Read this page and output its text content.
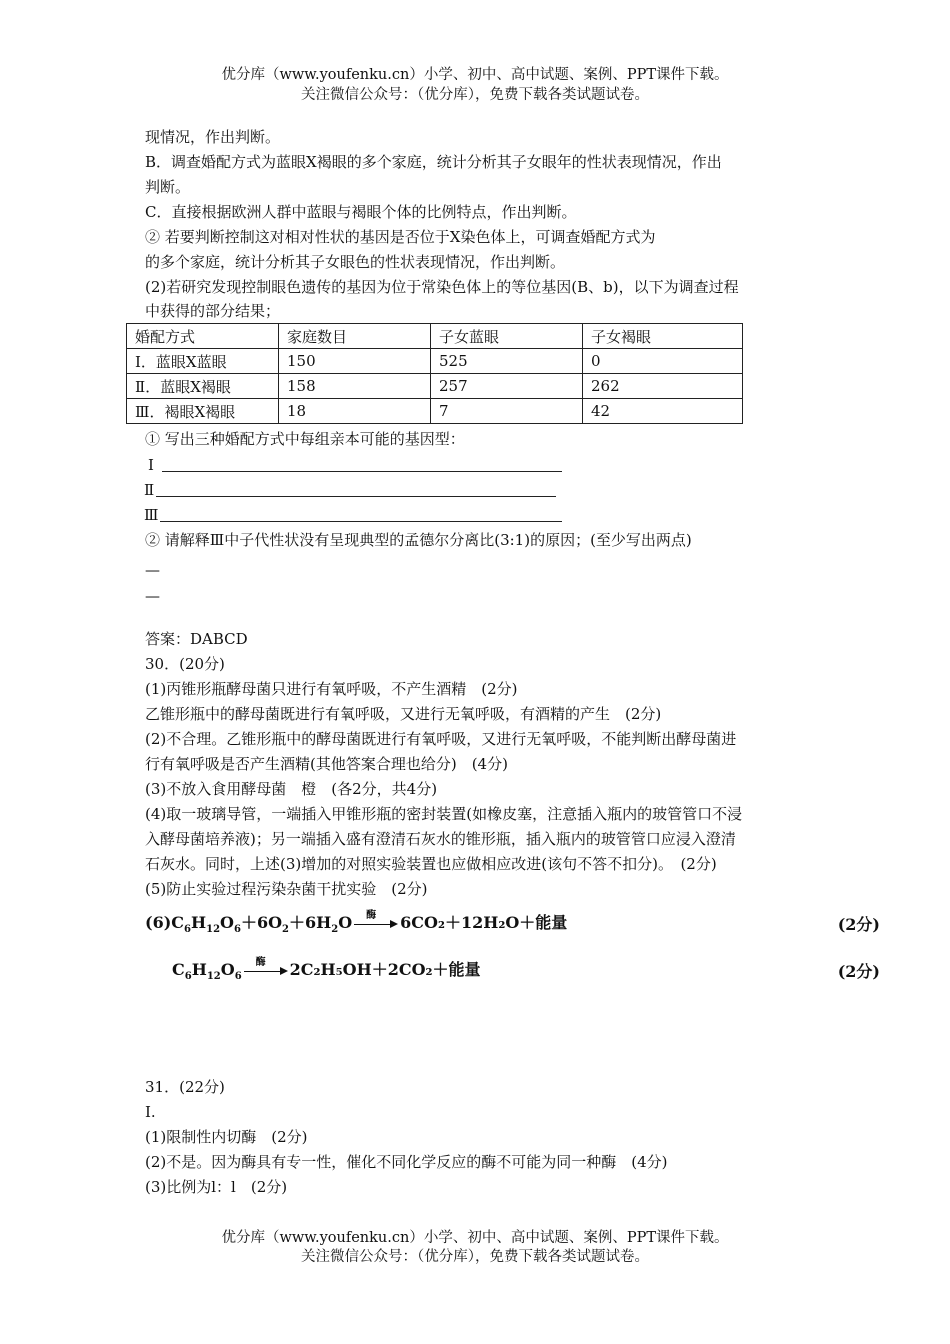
优分库（www.youfenku.cn）小学、初中、高中试题、案例、PPT课件下载。
关注微信公众号：（优分库），免费下载各类试题试卷。
现情况，作出判断。
B．调查婚配方式为蓝眼X褐眼的多个家庭，统计分析其子女眼年的性状表现情况，作出
判断。
C．直接根据欧洲人群中蓝眼与褐眼个体的比例特点，作出判断。
② 若要判断控制这对相对性状的基因是否位于X染色体上，可调查婚配方式为
的多个家庭，统计分析其子女眼色的性状表现情况，作出判断。
(2)若研究发现控制眼色遗传的基因为位于常染色体上的等位基因(B、b)，以下为调查过程
中获得的部分结果；
婚配方式	家庭数目	子女蓝眼	子女褐眼
Ⅰ．蓝眼X蓝眼	150	525	0
Ⅱ．蓝眼X褐眼	158	257	262
Ⅲ．褐眼X褐眼	18	7	42
① 写出三种婚配方式中每组亲本可能的基因型：
Ⅰ
Ⅱ
Ⅲ
② 请解释Ⅲ中子代性状没有呈现典型的孟德尔分离比(3:1)的原因；(至少写出两点)
—
—
答案：DABCD
30．(20分)
(1)丙锥形瓶酵母菌只进行有氧呼吸，不产生酒精　(2分)
乙锥形瓶中的酵母菌既进行有氧呼吸，又进行无氧呼吸，有酒精的产生　(2分)
(2)不合理。乙锥形瓶中的酵母菌既进行有氧呼吸，又进行无氧呼吸，不能判断出酵母菌进
行有氧呼吸是否产生酒精(其他答案合理也给分)　(4分)
(3)不放入食用酵母菌　橙　(各2分，共4分)
(4)取一玻璃导管，一端插入甲锥形瓶的密封装置(如橡皮塞，注意插入瓶内的玻管管口不浸
入酵母菌培养液)；另一端插入盛有澄清石灰水的锥形瓶，插入瓶内的玻管管口应浸入澄清
石灰水。同时，上述(3)增加的对照实验装置也应做相应改进(该句不答不扣分)。　(2分)
(5)防止实验过程污染杂菌干扰实验　(2分)
$(6)C_6H_{12}O_6+6O_2+6H_2O$ 酶 6CO₂＋12H₂O＋能量	(2分)
$C_6H_{12}O_6$
酶 2C₂H₅OH＋2CO₂＋能量	(2分)
31．(22分)
I.
(1)限制性内切酶　(2分)
(2)不是。因为酶具有专一性，催化不同化学反应的酶不可能为同一种酶　(4分)
(3)比例为l：l　(2分)
优分库（www.youfenku.cn）小学、初中、高中试题、案例、PPT课件下载。
关注微信公众号：（优分库），免费下载各类试题试卷。
